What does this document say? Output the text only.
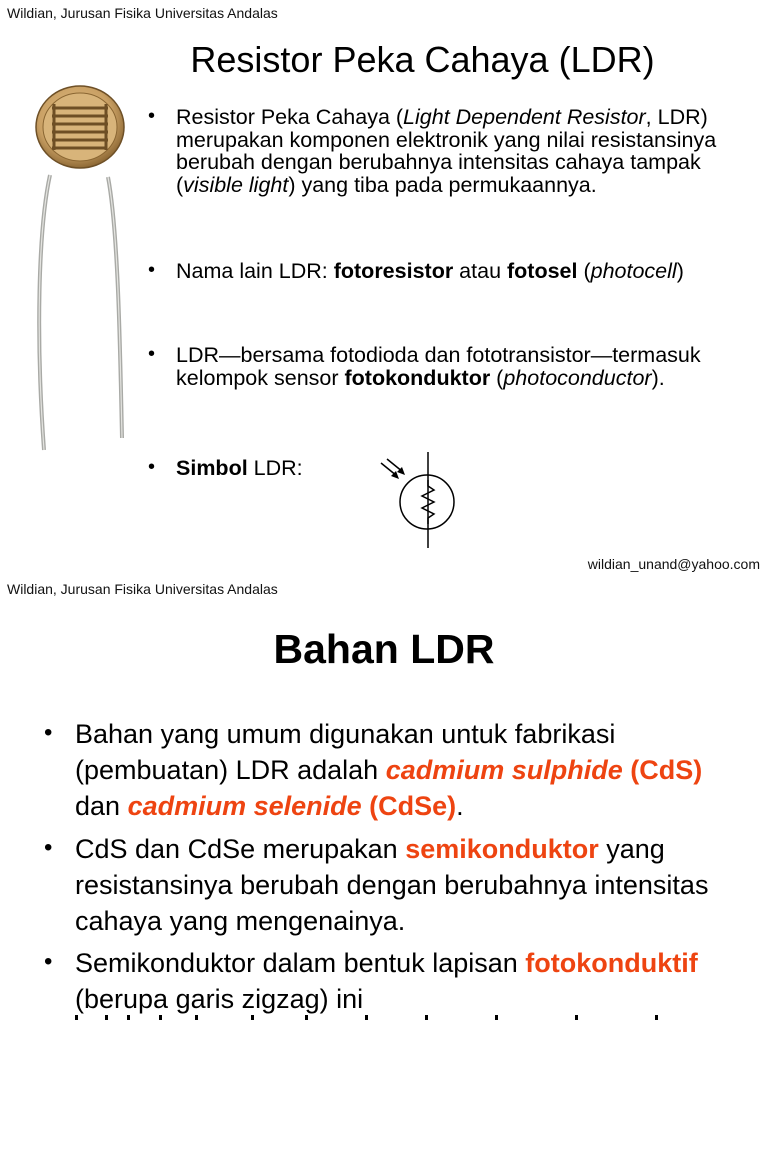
Wildian, Jurusan Fisika Universitas Andalas
Resistor Peka Cahaya (LDR)
• Resistor Peka Cahaya (Light Dependent Resistor, LDR) merupakan komponen elektronik yang nilai resistansinya berubah dengan berubahnya intensitas cahaya tampak (visible light) yang tiba pada permukaannya.
• Nama lain LDR: fotoresistor atau fotosel (photocell)
• LDR—bersama fotodioda dan fototransistor—termasuk kelompok sensor fotokonduktor (photoconductor).
• Simbol LDR:
wildian_unand@yahoo.com
Wildian, Jurusan Fisika Universitas Andalas
Bahan LDR
• Bahan yang umum digunakan untuk fabrikasi (pembuatan) LDR adalah cadmium sulphide (CdS) dan cadmium selenide (CdSe).
• CdS dan CdSe merupakan semikonduktor yang resistansinya berubah dengan berubahnya intensitas cahaya yang mengenainya.
• Semikonduktor dalam bentuk lapisan fotokonduktif (berupa garis zigzag) ini
